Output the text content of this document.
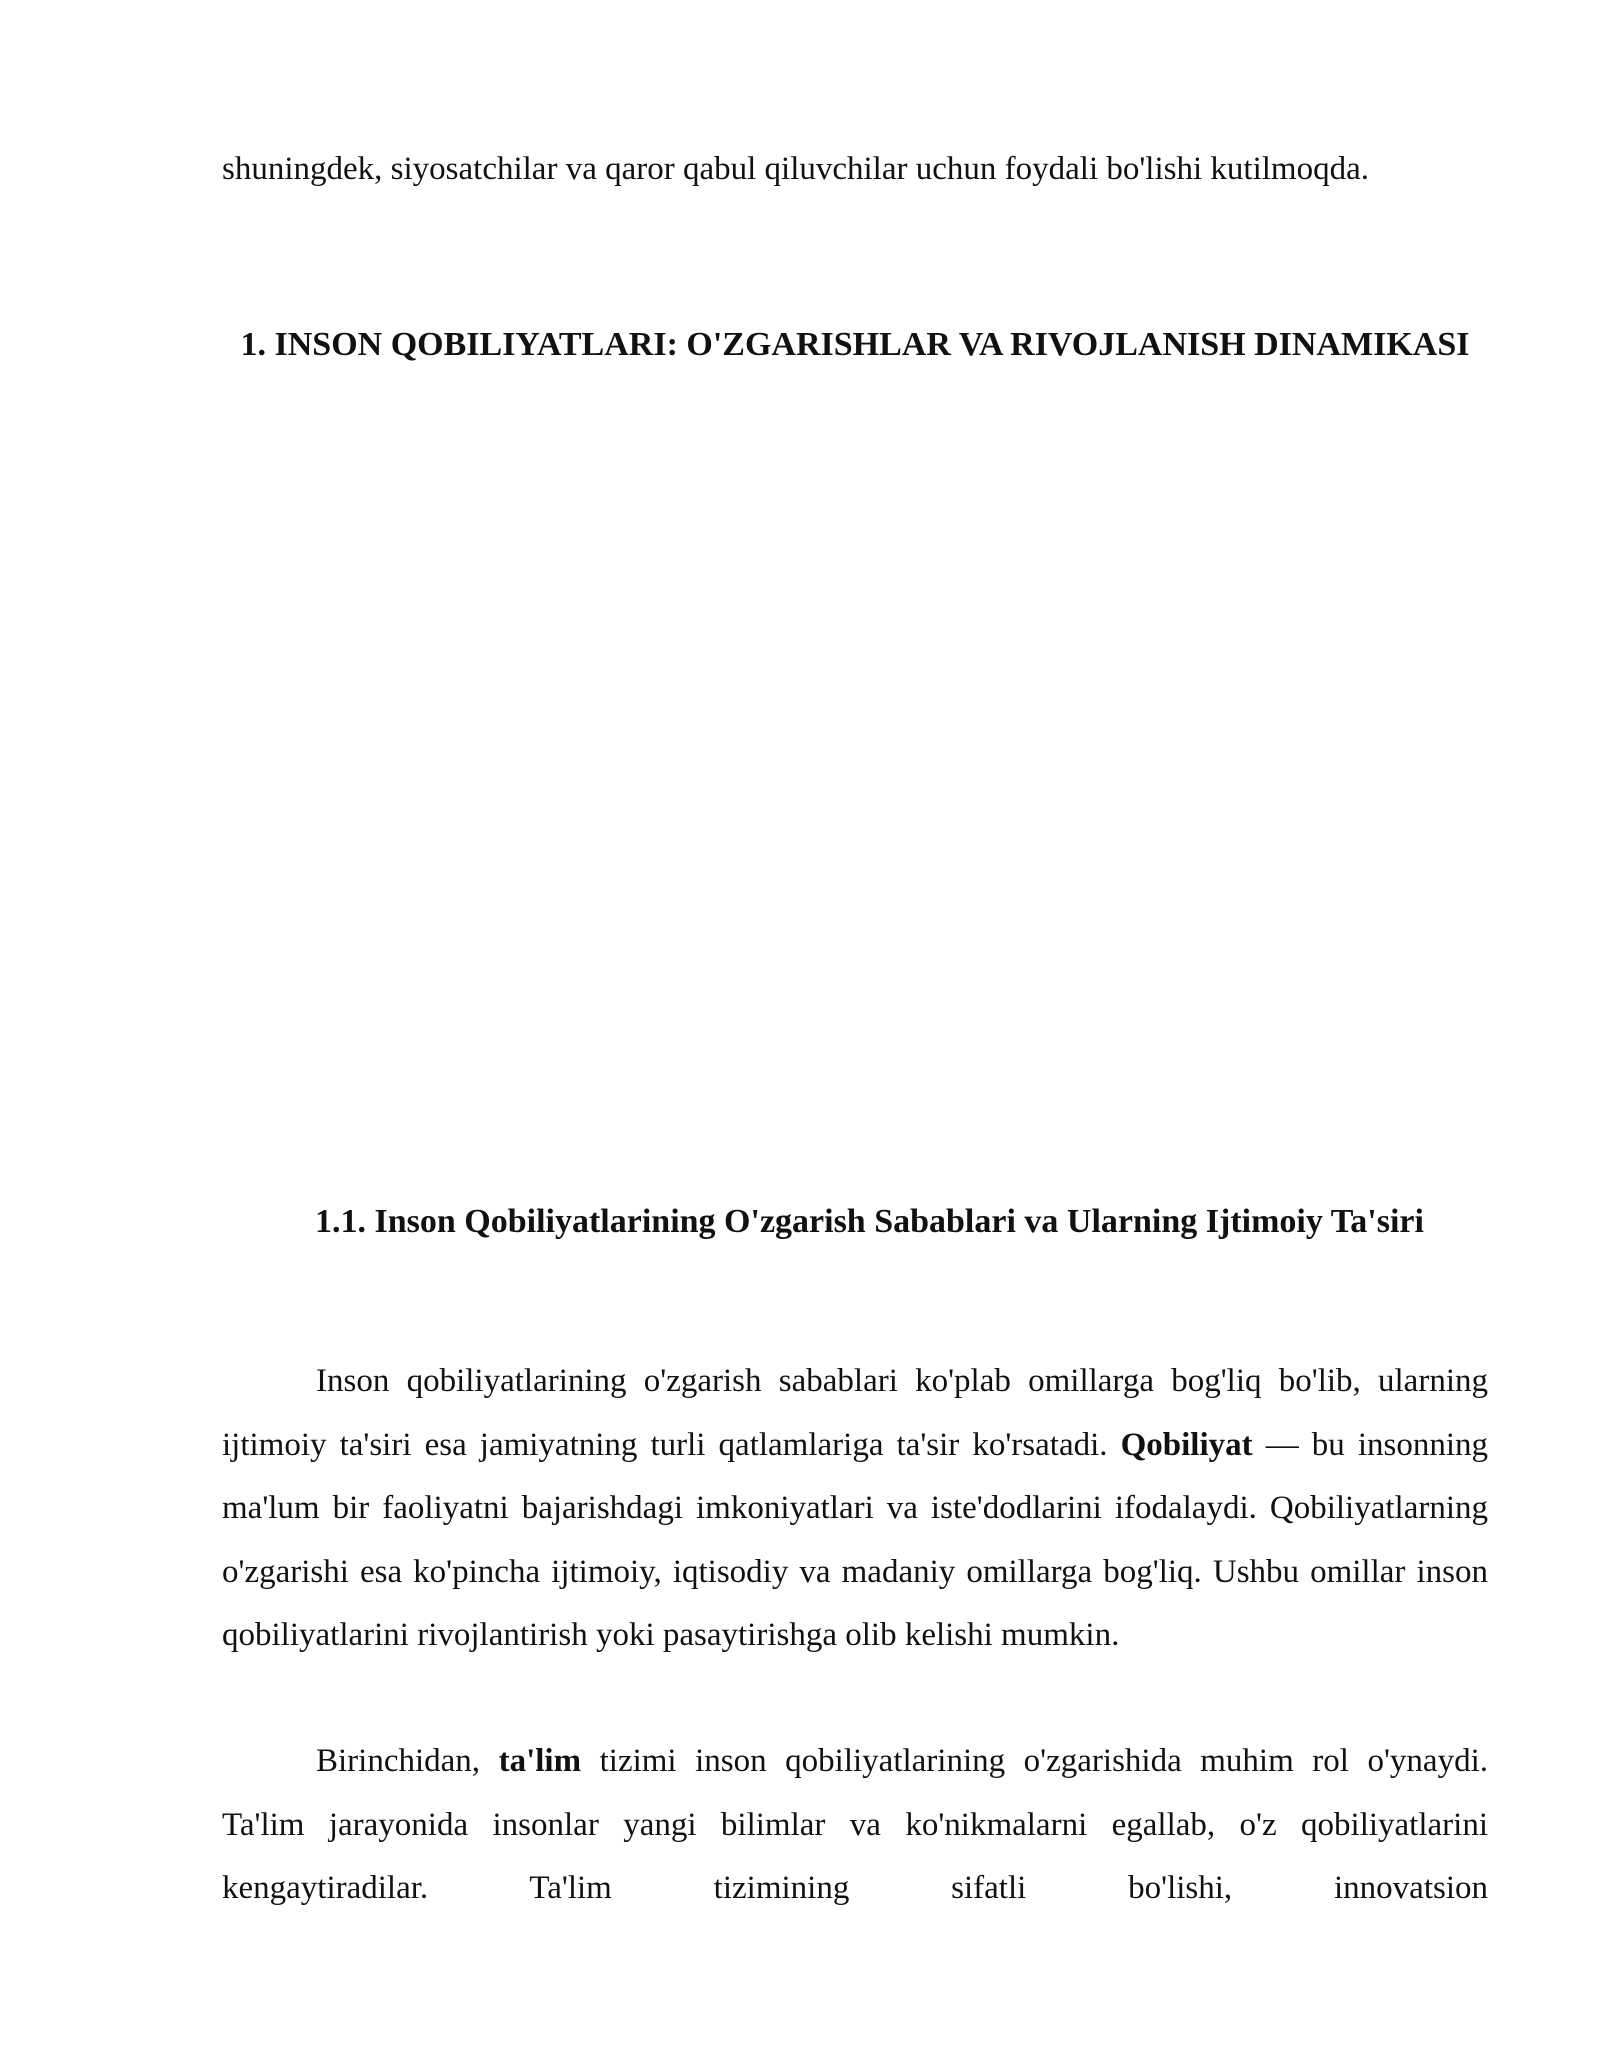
shuningdek, siyosatchilar va qaror qabul qiluvchilar uchun foydali bo'lishi kutilmoqda.
1. INSON QOBILIYATLARI: O'ZGARISHLAR VA RIVOJLANISH DINAMIKASI
1.1. Inson Qobiliyatlarining O'zgarish Sabablari va Ularning Ijtimoiy Ta'siri
Inson qobiliyatlarining o'zgarish sabablari ko'plab omillarga bog'liq bo'lib, ularning ijtimoiy ta'siri esa jamiyatning turli qatlamlariga ta'sir ko'rsatadi. Qobiliyat — bu insonning ma'lum bir faoliyatni bajarishdagi imkoniyatlari va iste'dodlarini ifodalaydi. Qobiliyatlarning o'zgarishi esa ko'pincha ijtimoiy, iqtisodiy va madaniy omillarga bog'liq. Ushbu omillar inson qobiliyatlarini rivojlantirish yoki pasaytirishga olib kelishi mumkin.
Birinchidan, ta'lim tizimi inson qobiliyatlarining o'zgarishida muhim rol o'ynaydi. Ta'lim jarayonida insonlar yangi bilimlar va ko'nikmalarni egallab, o'z qobiliyatlarini kengaytiradilar. Ta'lim tizimining sifatli bo'lishi, innovatsion
